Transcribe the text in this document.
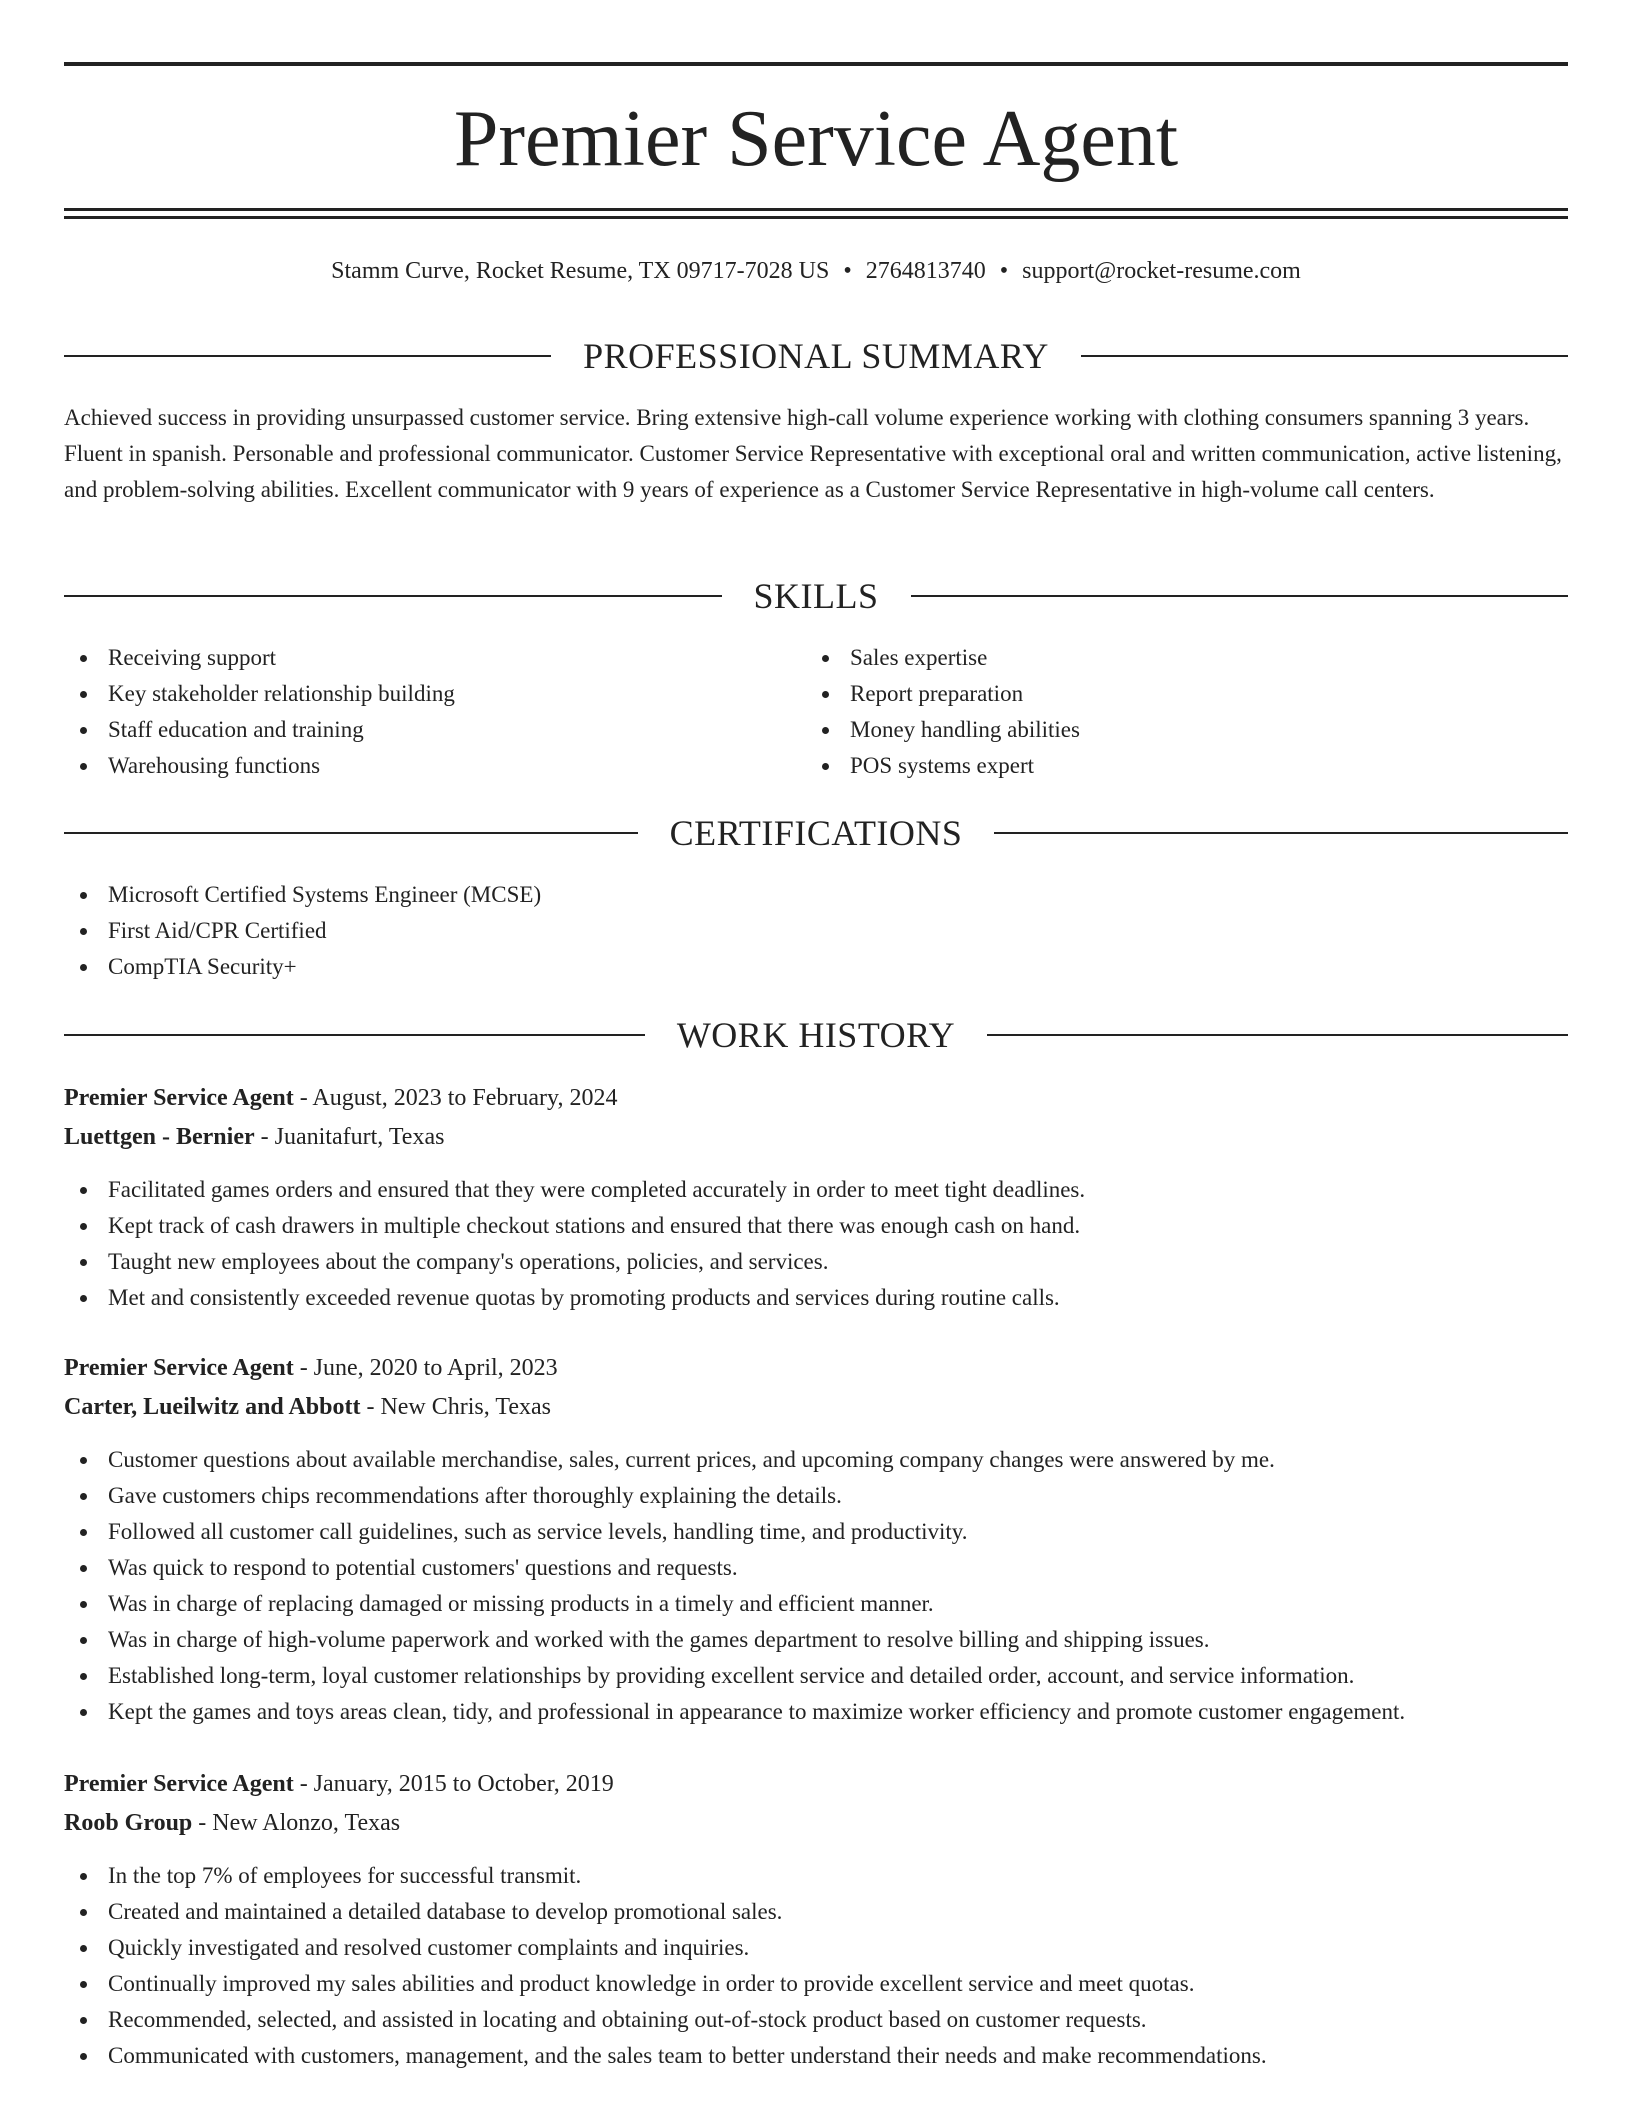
Premier Service Agent
Stamm Curve, Rocket Resume, TX 09717-7028 US • 2764813740 • support@rocket-resume.com
PROFESSIONAL SUMMARY
Achieved success in providing unsurpassed customer service. Bring extensive high-call volume experience working with clothing consumers spanning 3 years. Fluent in spanish. Personable and professional communicator. Customer Service Representative with exceptional oral and written communication, active listening, and problem-solving abilities. Excellent communicator with 9 years of experience as a Customer Service Representative in high-volume call centers.
SKILLS
Receiving support
Key stakeholder relationship building
Staff education and training
Warehousing functions
Sales expertise
Report preparation
Money handling abilities
POS systems expert
CERTIFICATIONS
Microsoft Certified Systems Engineer (MCSE)
First Aid/CPR Certified
CompTIA Security+
WORK HISTORY
Premier Service Agent - August, 2023 to February, 2024
Luettgen - Bernier - Juanitafurt, Texas
Facilitated games orders and ensured that they were completed accurately in order to meet tight deadlines.
Kept track of cash drawers in multiple checkout stations and ensured that there was enough cash on hand.
Taught new employees about the company's operations, policies, and services.
Met and consistently exceeded revenue quotas by promoting products and services during routine calls.
Premier Service Agent - June, 2020 to April, 2023
Carter, Lueilwitz and Abbott - New Chris, Texas
Customer questions about available merchandise, sales, current prices, and upcoming company changes were answered by me.
Gave customers chips recommendations after thoroughly explaining the details.
Followed all customer call guidelines, such as service levels, handling time, and productivity.
Was quick to respond to potential customers' questions and requests.
Was in charge of replacing damaged or missing products in a timely and efficient manner.
Was in charge of high-volume paperwork and worked with the games department to resolve billing and shipping issues.
Established long-term, loyal customer relationships by providing excellent service and detailed order, account, and service information.
Kept the games and toys areas clean, tidy, and professional in appearance to maximize worker efficiency and promote customer engagement.
Premier Service Agent - January, 2015 to October, 2019
Roob Group - New Alonzo, Texas
In the top 7% of employees for successful transmit.
Created and maintained a detailed database to develop promotional sales.
Quickly investigated and resolved customer complaints and inquiries.
Continually improved my sales abilities and product knowledge in order to provide excellent service and meet quotas.
Recommended, selected, and assisted in locating and obtaining out-of-stock product based on customer requests.
Communicated with customers, management, and the sales team to better understand their needs and make recommendations.
